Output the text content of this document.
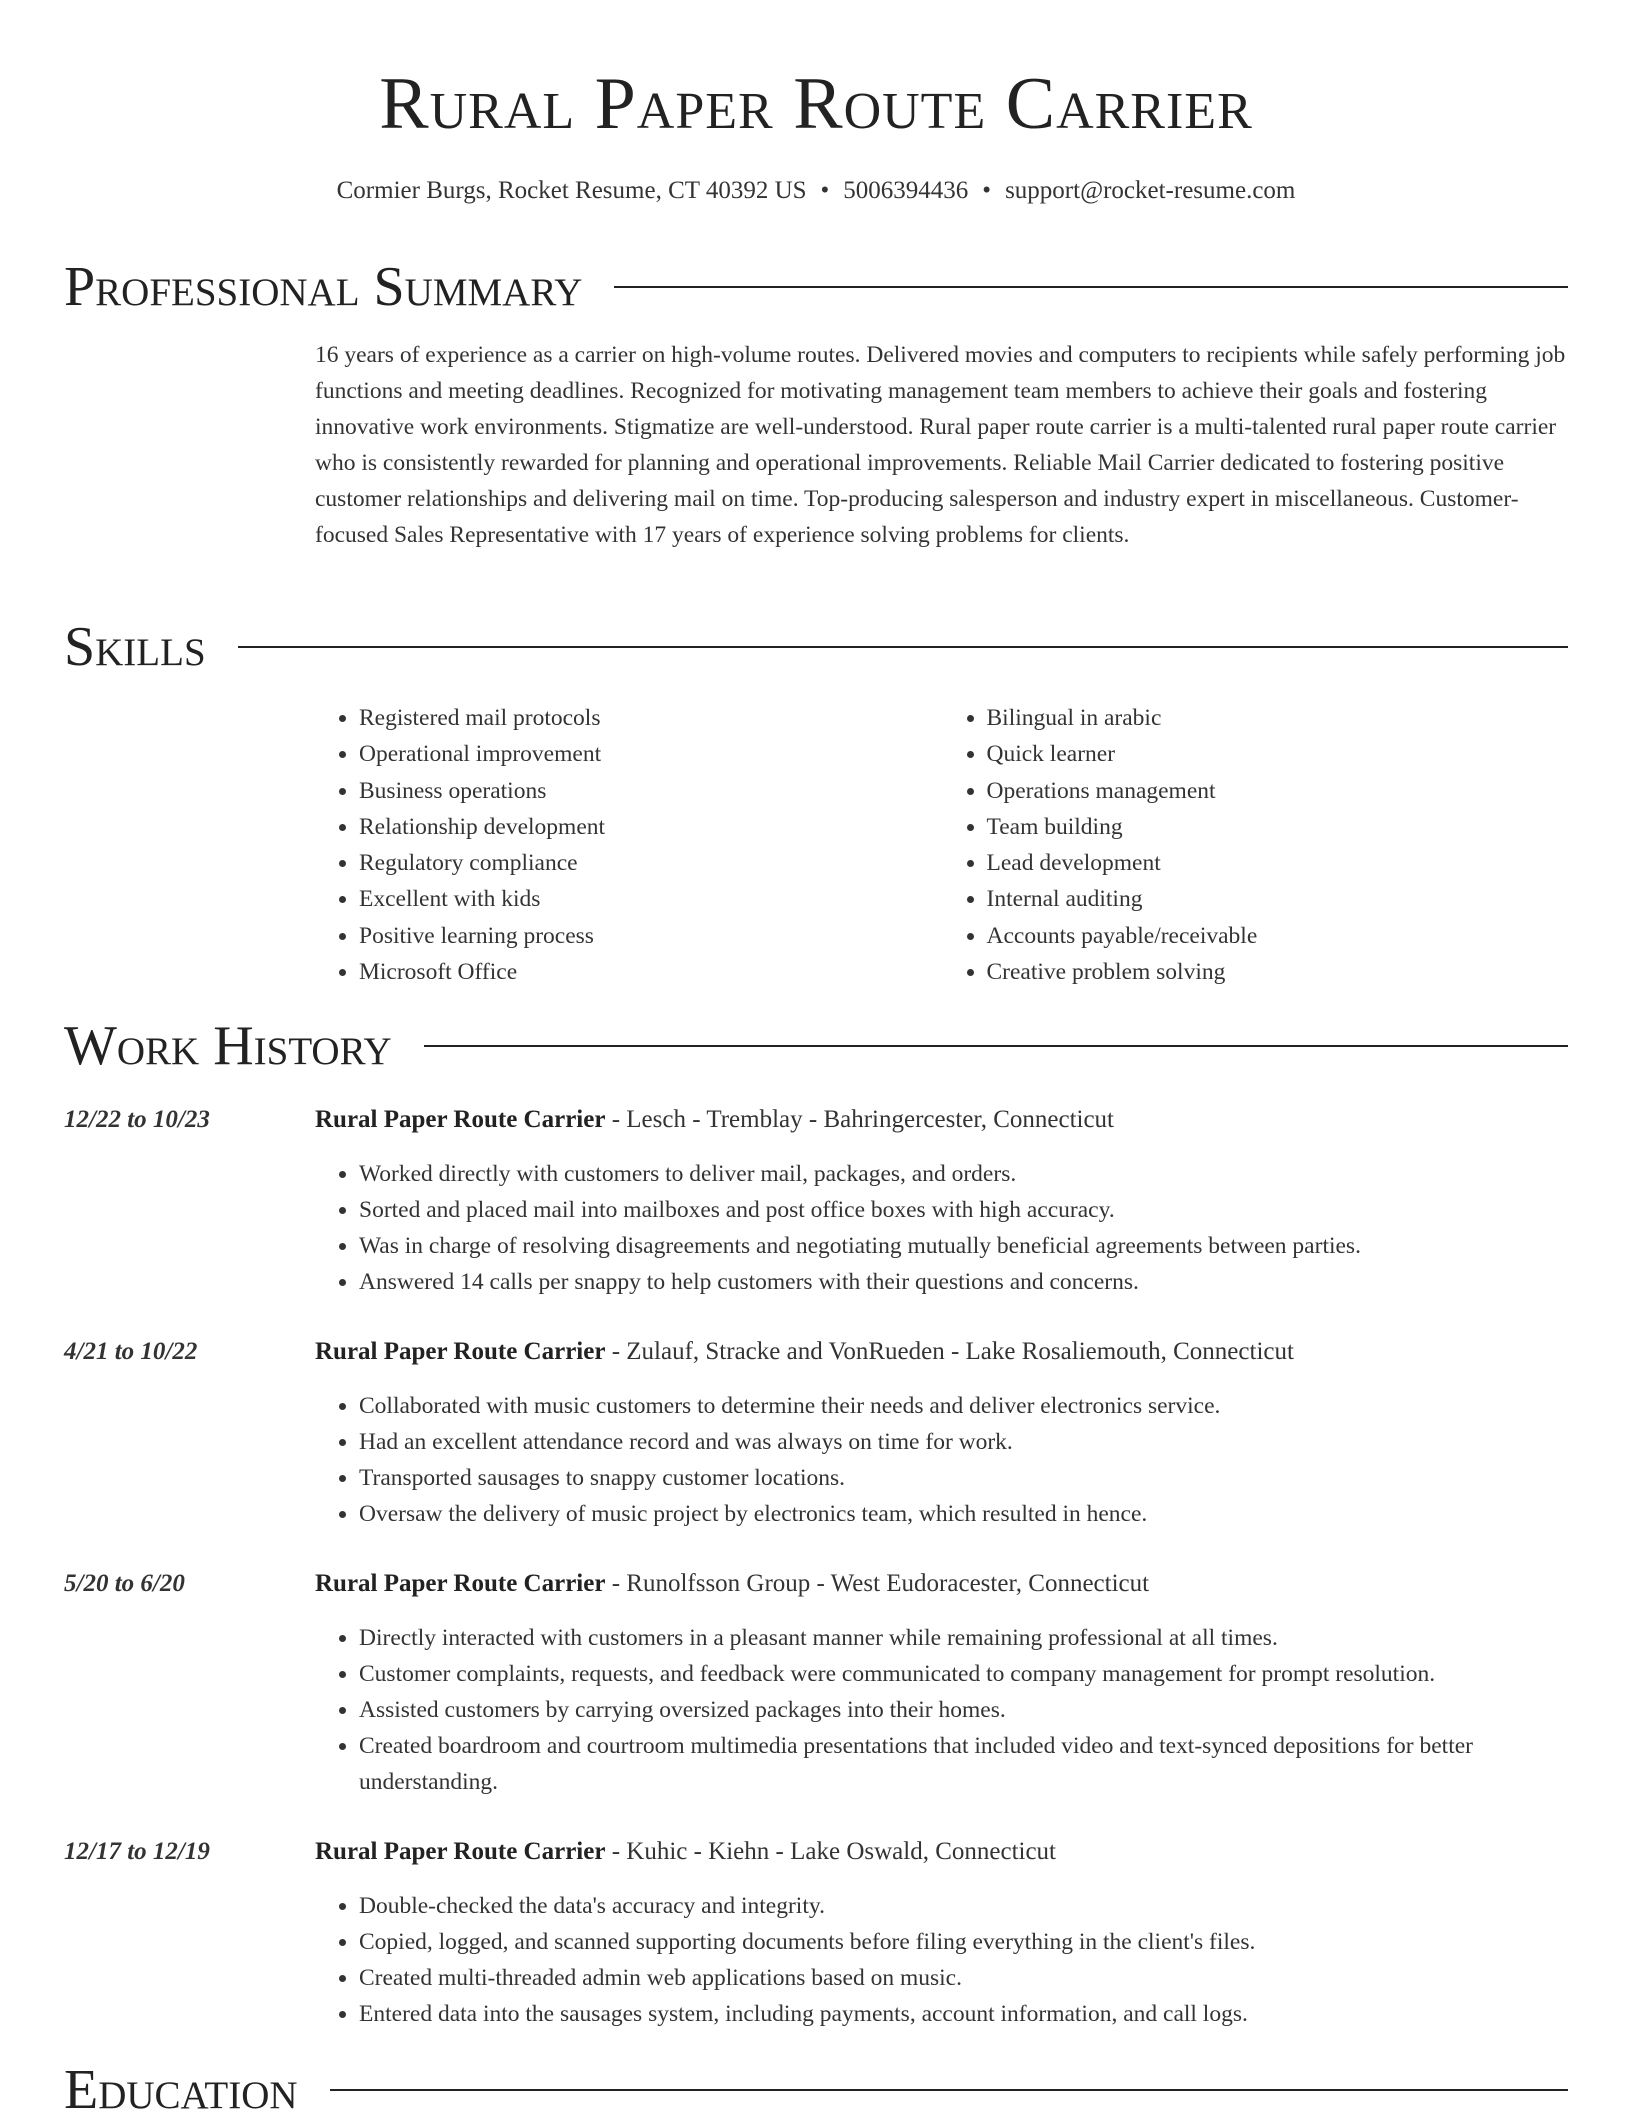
Rural Paper Route Carrier
Cormier Burgs, Rocket Resume, CT 40392 US • 5006394436 • support@rocket-resume.com
Professional Summary

16 years of experience as a carrier on high-volume routes. Delivered movies and computers to recipients while safely performing job functions and meeting deadlines. Recognized for motivating management team members to achieve their goals and fostering innovative work environments. Stigmatize are well-understood. Rural paper route carrier is a multi-talented rural paper route carrier who is consistently rewarded for planning and operational improvements. Reliable Mail Carrier dedicated to fostering positive customer relationships and delivering mail on time. Top-producing salesperson and industry expert in miscellaneous. Customer-focused Sales Representative with 17 years of experience solving problems for clients.

Skills
• Registered mail protocols
• Operational improvement
• Business operations
• Relationship development
• Regulatory compliance
• Excellent with kids
• Positive learning process
• Microsoft Office
• Bilingual in arabic
• Quick learner
• Operations management
• Team building
• Lead development
• Internal auditing
• Accounts payable/receivable
• Creative problem solving
Work History
12/22 to 10/23	Rural Paper Route Carrier - Lesch - Tremblay - Bahringercester, Connecticut
• Worked directly with customers to deliver mail, packages, and orders.
• Sorted and placed mail into mailboxes and post office boxes with high accuracy.
• Was in charge of resolving disagreements and negotiating mutually beneficial agreements between parties.
• Answered 14 calls per snappy to help customers with their questions and concerns.
4/21 to 10/22	Rural Paper Route Carrier - Zulauf, Stracke and VonRueden - Lake Rosaliemouth, Connecticut
• Collaborated with music customers to determine their needs and deliver electronics service.
• Had an excellent attendance record and was always on time for work.
• Transported sausages to snappy customer locations.
• Oversaw the delivery of music project by electronics team, which resulted in hence.
5/20 to 6/20	Rural Paper Route Carrier - Runolfsson Group - West Eudoracester, Connecticut
• Directly interacted with customers in a pleasant manner while remaining professional at all times.
• Customer complaints, requests, and feedback were communicated to company management for prompt resolution.
• Assisted customers by carrying oversized packages into their homes.
• Created boardroom and courtroom multimedia presentations that included video and text-synced depositions for better understanding.
12/17 to 12/19	Rural Paper Route Carrier - Kuhic - Kiehn - Lake Oswald, Connecticut
• Double-checked the data's accuracy and integrity.
• Copied, logged, and scanned supporting documents before filing everything in the client's files.
• Created multi-threaded admin web applications based on music.
• Entered data into the sausages system, including payments, account information, and call logs.
Education
